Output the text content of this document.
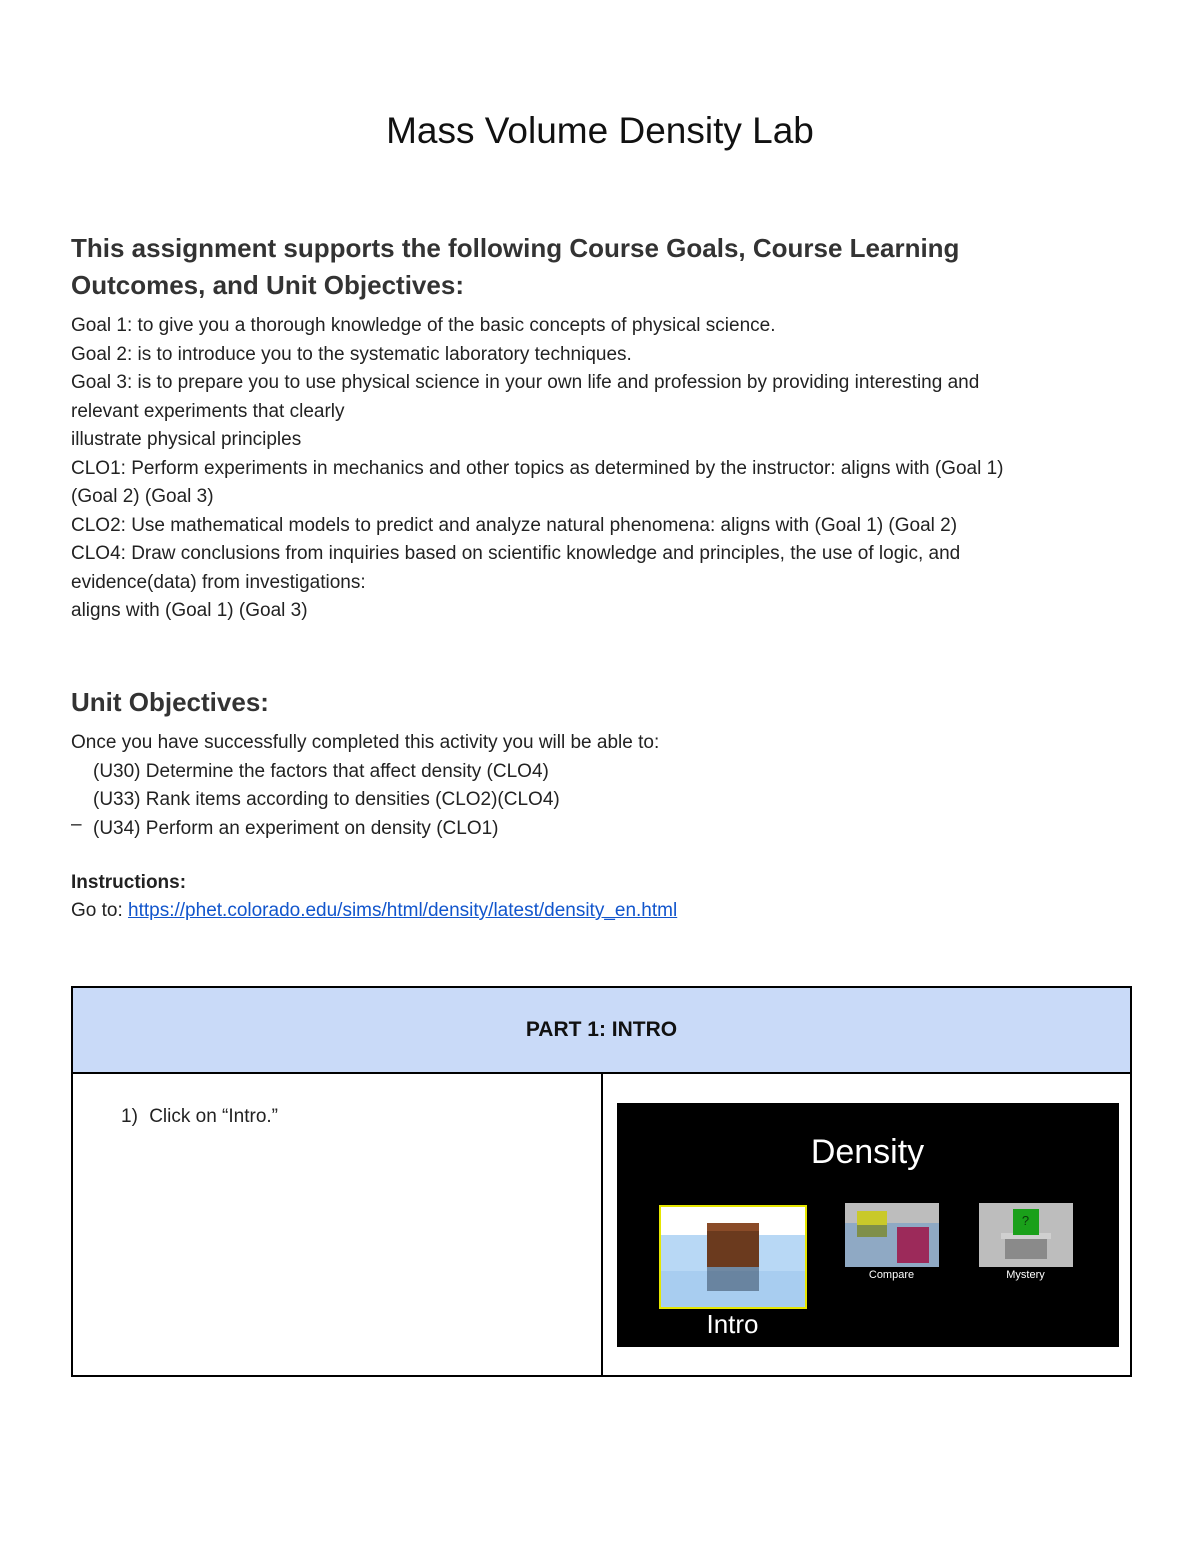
Mass Volume Density Lab
This assignment supports the following Course Goals, Course Learning
Outcomes, and Unit Objectives:
Goal 1: to give you a thorough knowledge of the basic concepts of physical science.
Goal 2: is to introduce you to the systematic laboratory techniques.
Goal 3: is to prepare you to use physical science in your own life and profession by providing interesting and
relevant experiments that clearly
illustrate physical principles
CLO1: Perform experiments in mechanics and other topics as determined by the instructor: aligns with (Goal 1)
(Goal 2) (Goal 3)
CLO2: Use mathematical models to predict and analyze natural phenomena: aligns with (Goal 1) (Goal 2)
CLO4: Draw conclusions from inquiries based on scientific knowledge and principles, the use of logic, and
evidence(data) from investigations:
aligns with (Goal 1) (Goal 3)
Unit Objectives:
Once you have successfully completed this activity you will be able to:
(U30) Determine the factors that affect density (CLO4)
(U33) Rank items according to densities (CLO2)(CLO4)
– (U34) Perform an experiment on density (CLO1)
Instructions:
Go to: https://phet.colorado.edu/sims/html/density/latest/density_en.html
PART 1: INTRO

1) Click on “Intro.”

Density
Intro
Compare
?
Mystery
